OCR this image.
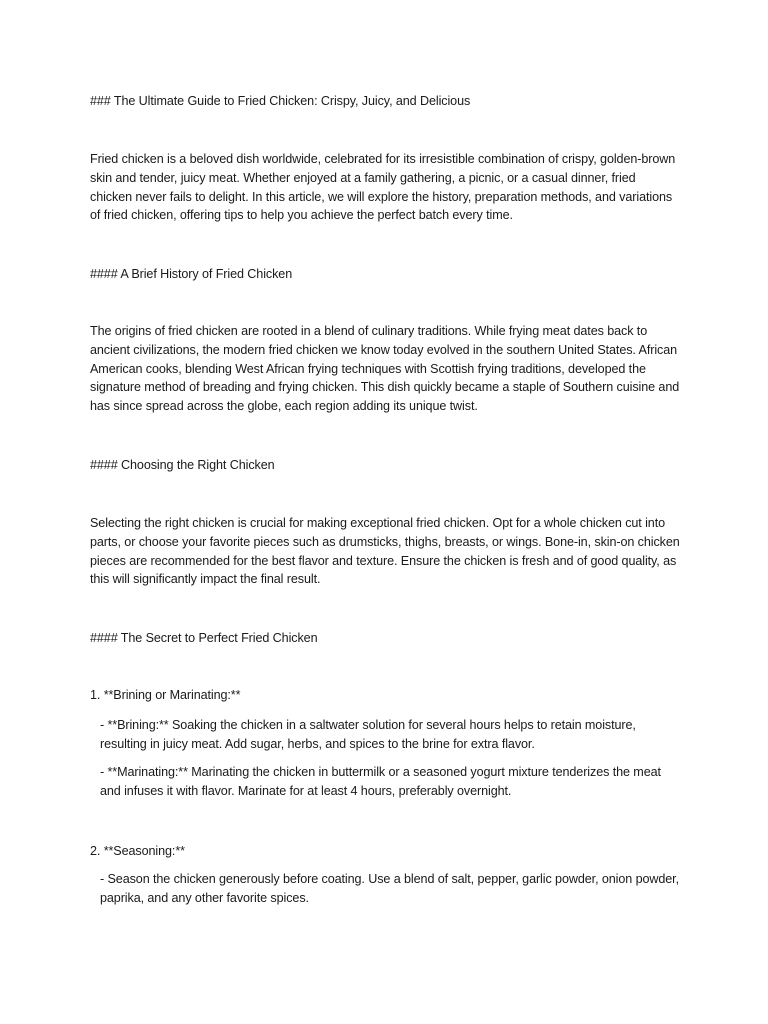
### The Ultimate Guide to Fried Chicken: Crispy, Juicy, and Delicious

Fried chicken is a beloved dish worldwide, celebrated for its irresistible combination of crispy, golden-brown skin and tender, juicy meat. Whether enjoyed at a family gathering, a picnic, or a casual dinner, fried chicken never fails to delight. In this article, we will explore the history, preparation methods, and variations of fried chicken, offering tips to help you achieve the perfect batch every time.

#### A Brief History of Fried Chicken

The origins of fried chicken are rooted in a blend of culinary traditions. While frying meat dates back to ancient civilizations, the modern fried chicken we know today evolved in the southern United States. African American cooks, blending West African frying techniques with Scottish frying traditions, developed the signature method of breading and frying chicken. This dish quickly became a staple of Southern cuisine and has since spread across the globe, each region adding its unique twist.

#### Choosing the Right Chicken

Selecting the right chicken is crucial for making exceptional fried chicken. Opt for a whole chicken cut into parts, or choose your favorite pieces such as drumsticks, thighs, breasts, or wings. Bone-in, skin-on chicken pieces are recommended for the best flavor and texture. Ensure the chicken is fresh and of good quality, as this will significantly impact the final result.

#### The Secret to Perfect Fried Chicken

1. **Brining or Marinating:**

- **Brining:** Soaking the chicken in a saltwater solution for several hours helps to retain moisture, resulting in juicy meat. Add sugar, herbs, and spices to the brine for extra flavor.

- **Marinating:** Marinating the chicken in buttermilk or a seasoned yogurt mixture tenderizes the meat and infuses it with flavor. Marinate for at least 4 hours, preferably overnight.

2. **Seasoning:**

- Season the chicken generously before coating. Use a blend of salt, pepper, garlic powder, onion powder, paprika, and any other favorite spices.
